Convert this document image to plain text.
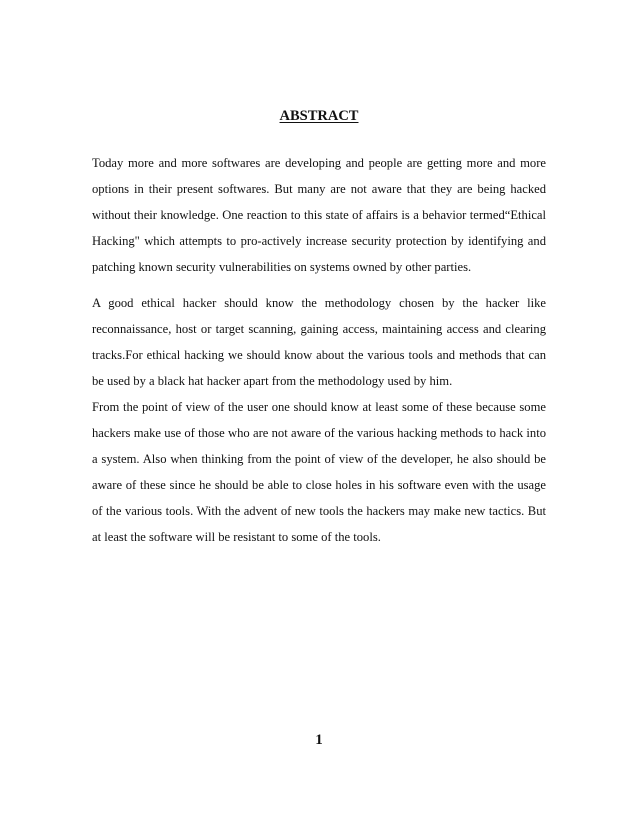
ABSTRACT

Today more and more softwares are developing and people are getting more and more options in their present softwares. But many are not aware that they are being hacked without their knowledge. One reaction to this state of affairs is a behavior termed“Ethical Hacking" which attempts to pro-actively increase security protection by identifying and patching known security vulnerabilities on systems owned by other parties.

A good ethical hacker should know the methodology chosen by the hacker like reconnaissance, host or target scanning, gaining access, maintaining access and clearing tracks.For ethical hacking we should know about the various tools and methods that can be used by a black hat hacker apart from the methodology used by him.

From the point of view of the user one should know at least some of these because some hackers make use of those who are not aware of the various hacking methods to hack into a system. Also when thinking from the point of view of the developer, he also should be aware of these since he should be able to close holes in his software even with the usage of the various tools. With the advent of new tools the hackers may make new tactics. But at least the software will be resistant to some of the tools.

1
